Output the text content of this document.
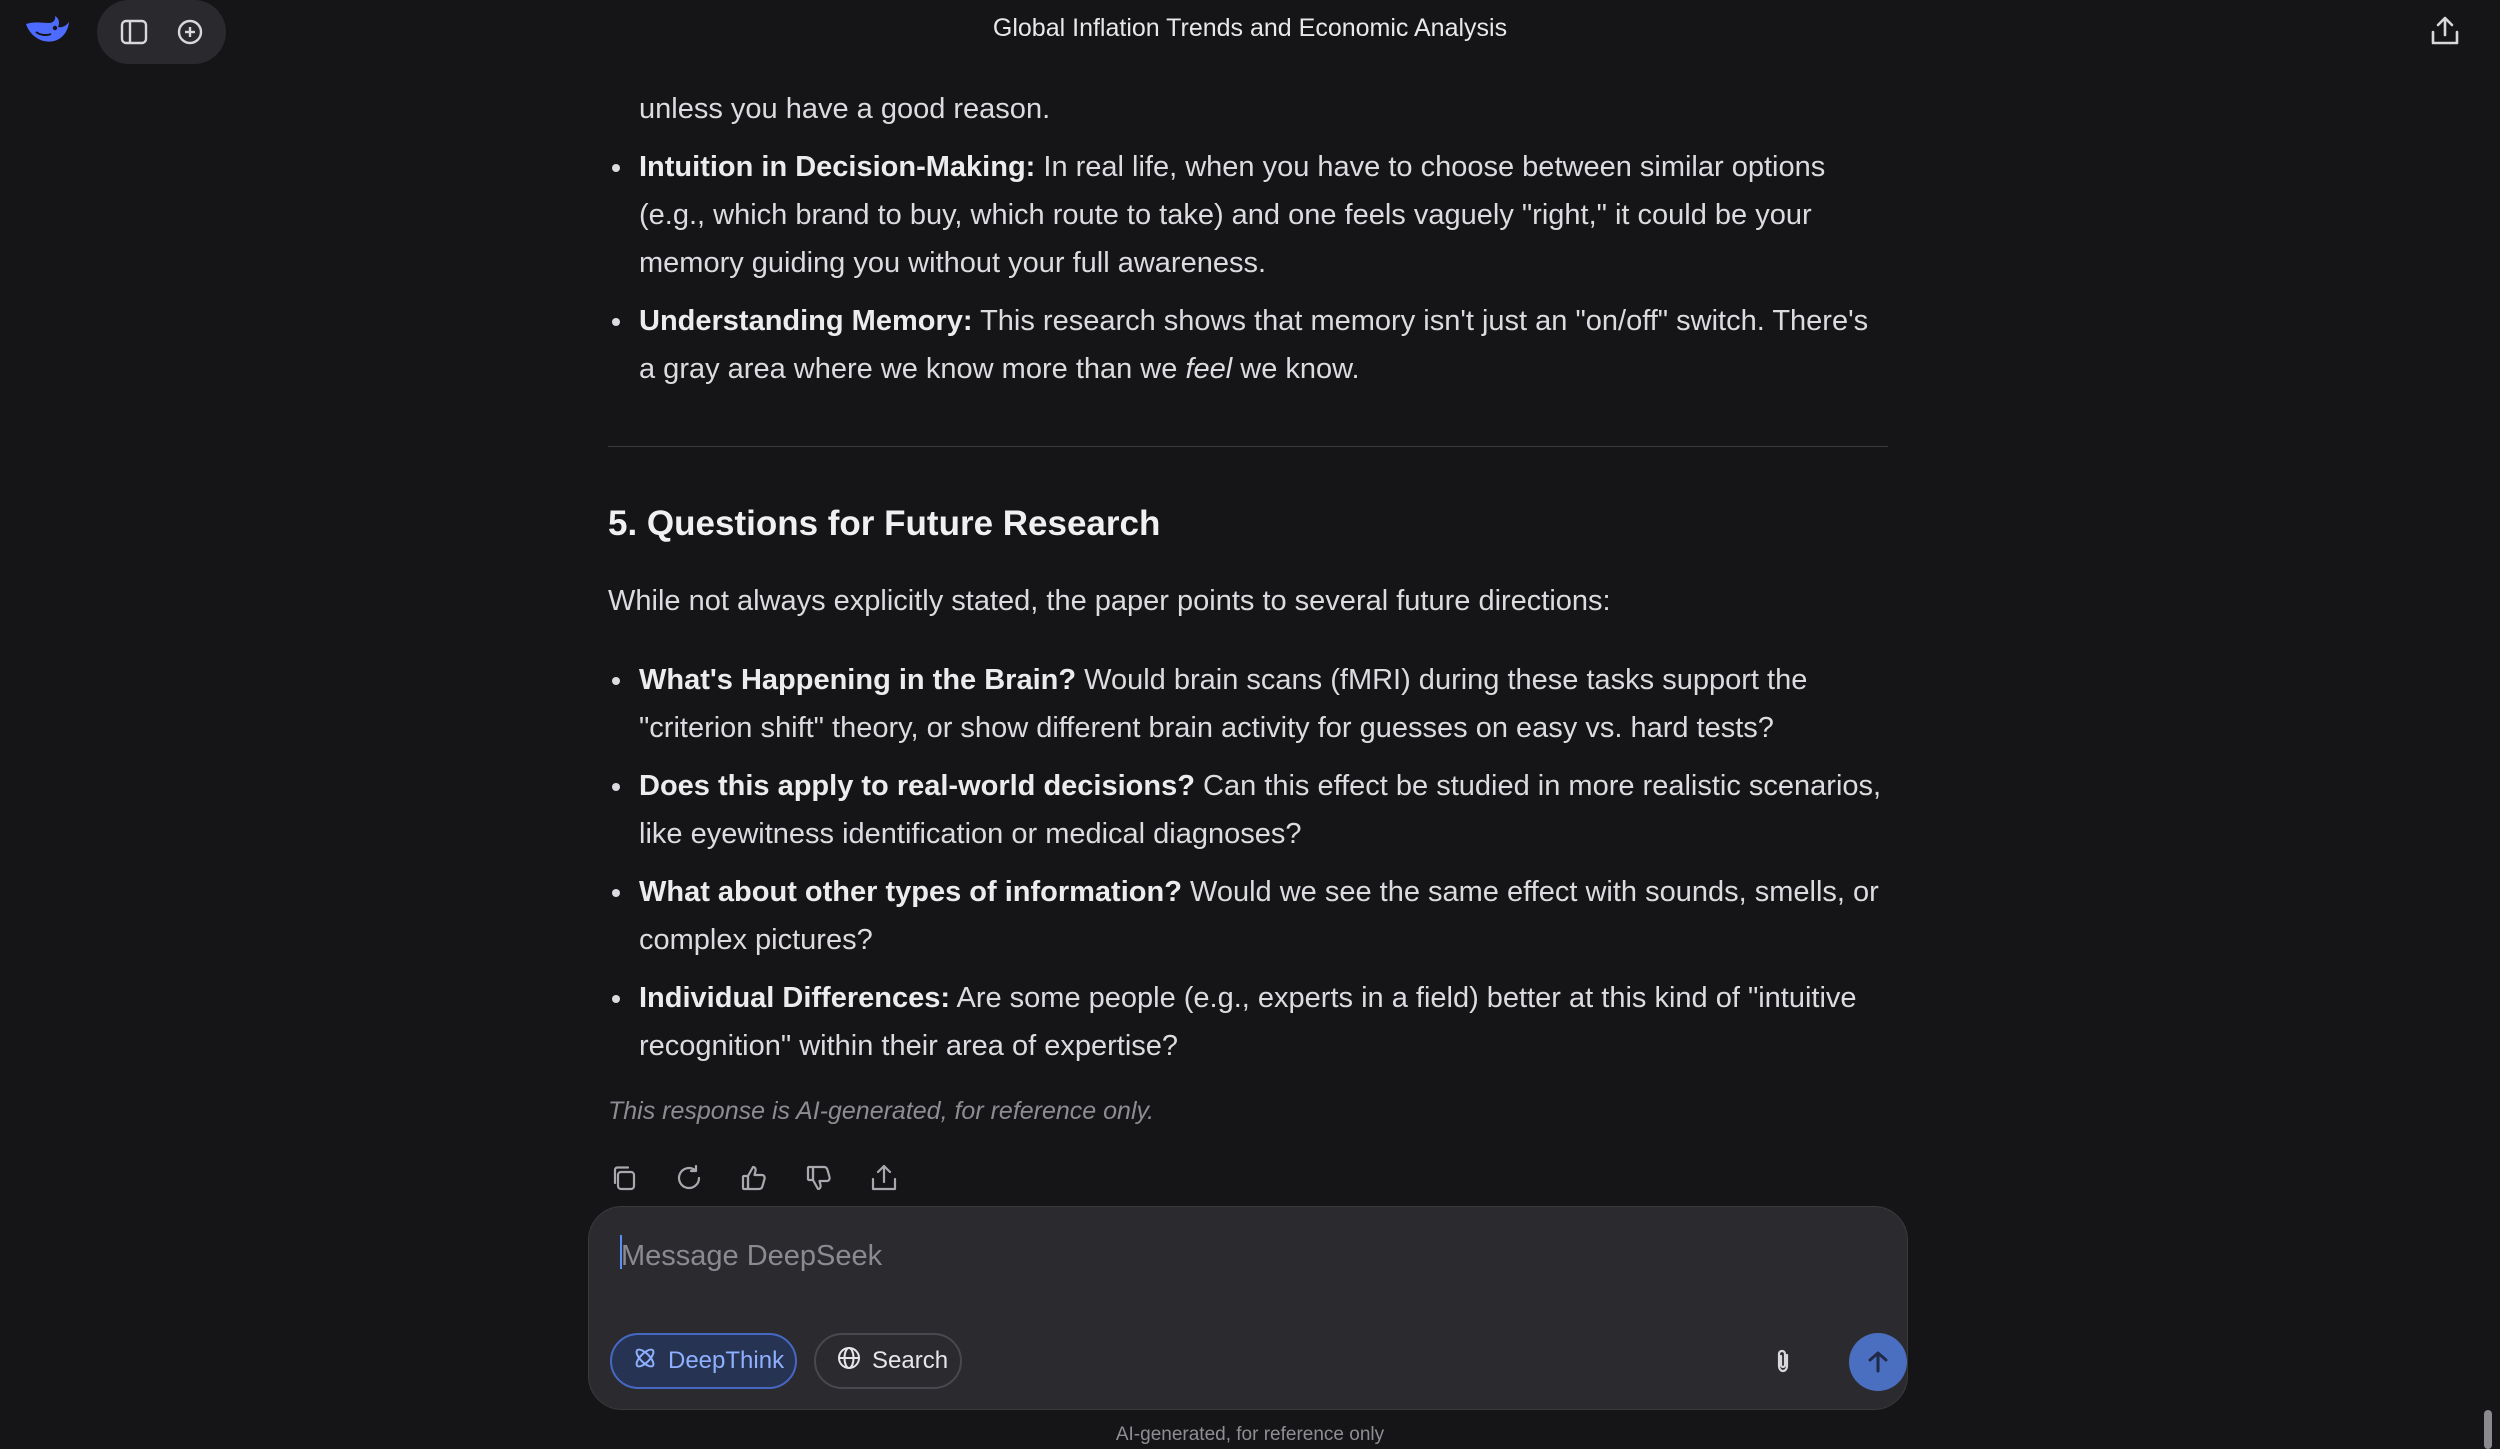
Global Inflation Trends and Economic Analysis
unless you have a good reason.
Intuition in Decision-Making: In real life, when you have to choose between similar options (e.g., which brand to buy, which route to take) and one feels vaguely "right," it could be your memory guiding you without your full awareness.
Understanding Memory: This research shows that memory isn't just an "on/off" switch. There's a gray area where we know more than we feel we know.
5. Questions for Future Research
While not always explicitly stated, the paper points to several future directions:
What's Happening in the Brain? Would brain scans (fMRI) during these tasks support the "criterion shift" theory, or show different brain activity for guesses on easy vs. hard tests?
Does this apply to real-world decisions? Can this effect be studied in more realistic scenarios, like eyewitness identification or medical diagnoses?
What about other types of information? Would we see the same effect with sounds, smells, or complex pictures?
Individual Differences: Are some people (e.g., experts in a field) better at this kind of "intuitive recognition" within their area of expertise?
This response is AI-generated, for reference only.
Message DeepSeek
DeepThink	Search
AI-generated, for reference only
